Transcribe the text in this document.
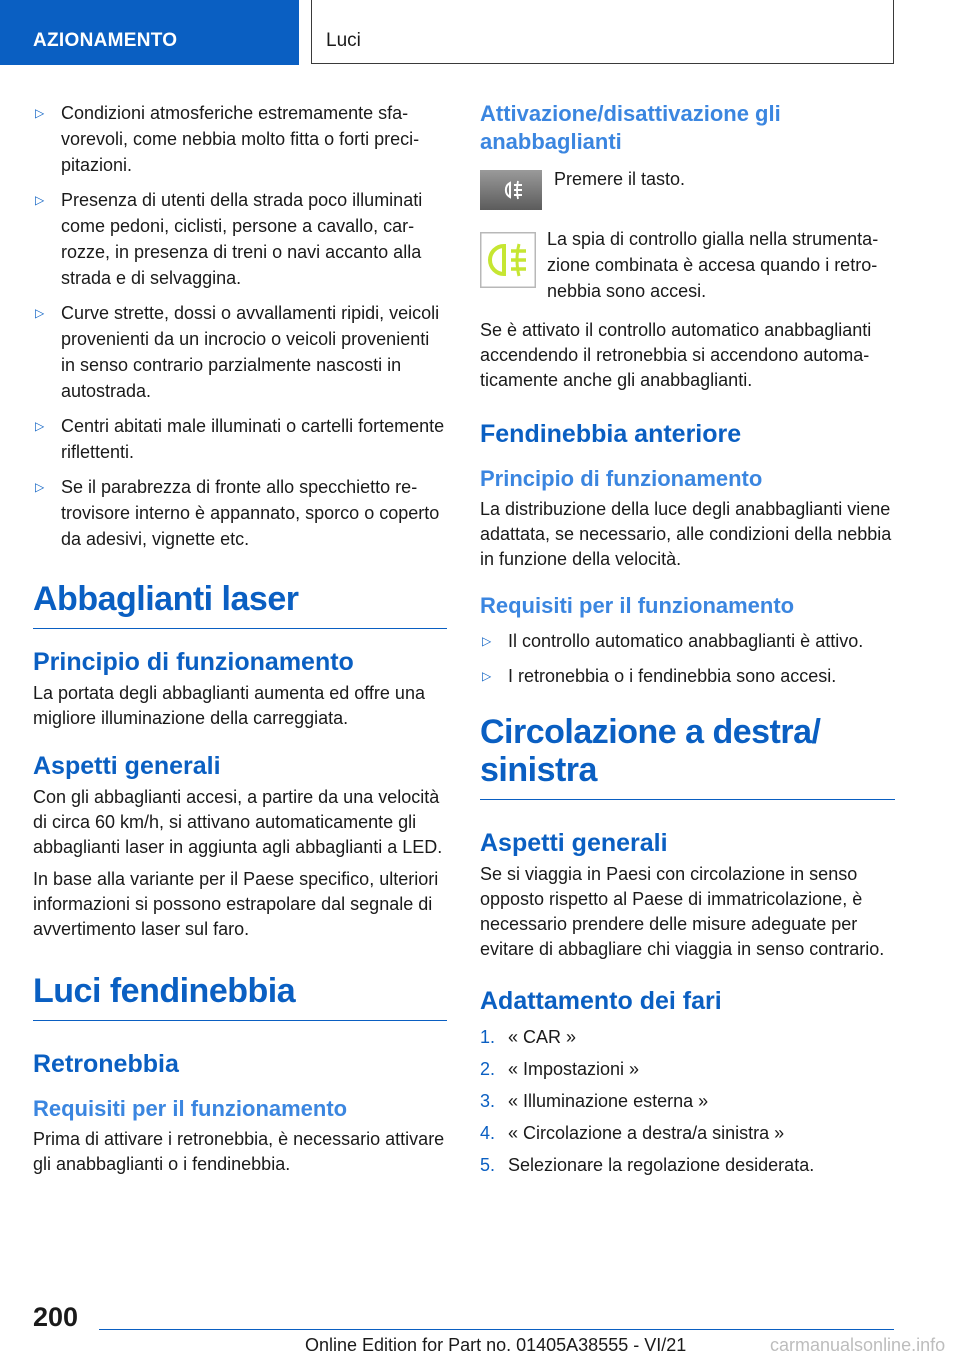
AZIONAMENTO	Luci
▷ Condizioni atmosferiche estremamente sfavorevoli, come nebbia molto fitta o forti precipitazioni.
▷ Presenza di utenti della strada poco illuminati come pedoni, ciclisti, persone a cavallo, carrozze, in presenza di treni o navi accanto alla strada e di selvaggina.
▷ Curve strette, dossi o avvallamenti ripidi, veicoli provenienti da un incrocio o veicoli provenienti in senso contrario parzialmente nascosti in autostrada.
▷ Centri abitati male illuminati o cartelli fortemente riflettenti.
▷ Se il parabrezza di fronte allo specchietto retrovisore interno è appannato, sporco o coperto da adesivi, vignette etc.
Abbaglianti laser
Principio di funzionamento

La portata degli abbaglianti aumenta ed offre una migliore illuminazione della carreggiata.

Aspetti generali

Con gli abbaglianti accesi, a partire da una velocità di circa 60 km/h, si attivano automaticamente gli abbaglianti laser in aggiunta agli abbaglianti a LED.

In base alla variante per il Paese specifico, ulteriori informazioni si possono estrapolare dal segnale di avvertimento laser sul faro.

Luci fendinebbia
Retronebbia
Requisiti per il funzionamento

Prima di attivare i retronebbia, è necessario attivare gli anabbaglianti o i fendinebbia.

Attivazione/disattivazione gli anabbaglianti
Premere il tasto.
La spia di controllo gialla nella strumentazione combinata è accesa quando i retronebbia sono accesi.

Se è attivato il controllo automatico anabbaglianti accendendo il retronebbia si accendono automaticamente anche gli anabbaglianti.

Fendinebbia anteriore
Principio di funzionamento

La distribuzione della luce degli anabbaglianti viene adattata, se necessario, alle condizioni della nebbia in funzione della velocità.

Requisiti per il funzionamento
▷ Il controllo automatico anabbaglianti è attivo.
▷ I retronebbia o i fendinebbia sono accesi.
Circolazione a destra/ sinistra
Aspetti generali

Se si viaggia in Paesi con circolazione in senso opposto rispetto al Paese di immatricolazione, è necessario prendere delle misure adeguate per evitare di abbagliare chi viaggia in senso contrario.

Adattamento dei fari
1. « CAR »
2. « Impostazioni »
3. « Illuminazione esterna »
4. « Circolazione a destra/a sinistra »
5. Selezionare la regolazione desiderata.
200
Online Edition for Part no. 01405A38555 - VI/21	carmanualsonline.info
